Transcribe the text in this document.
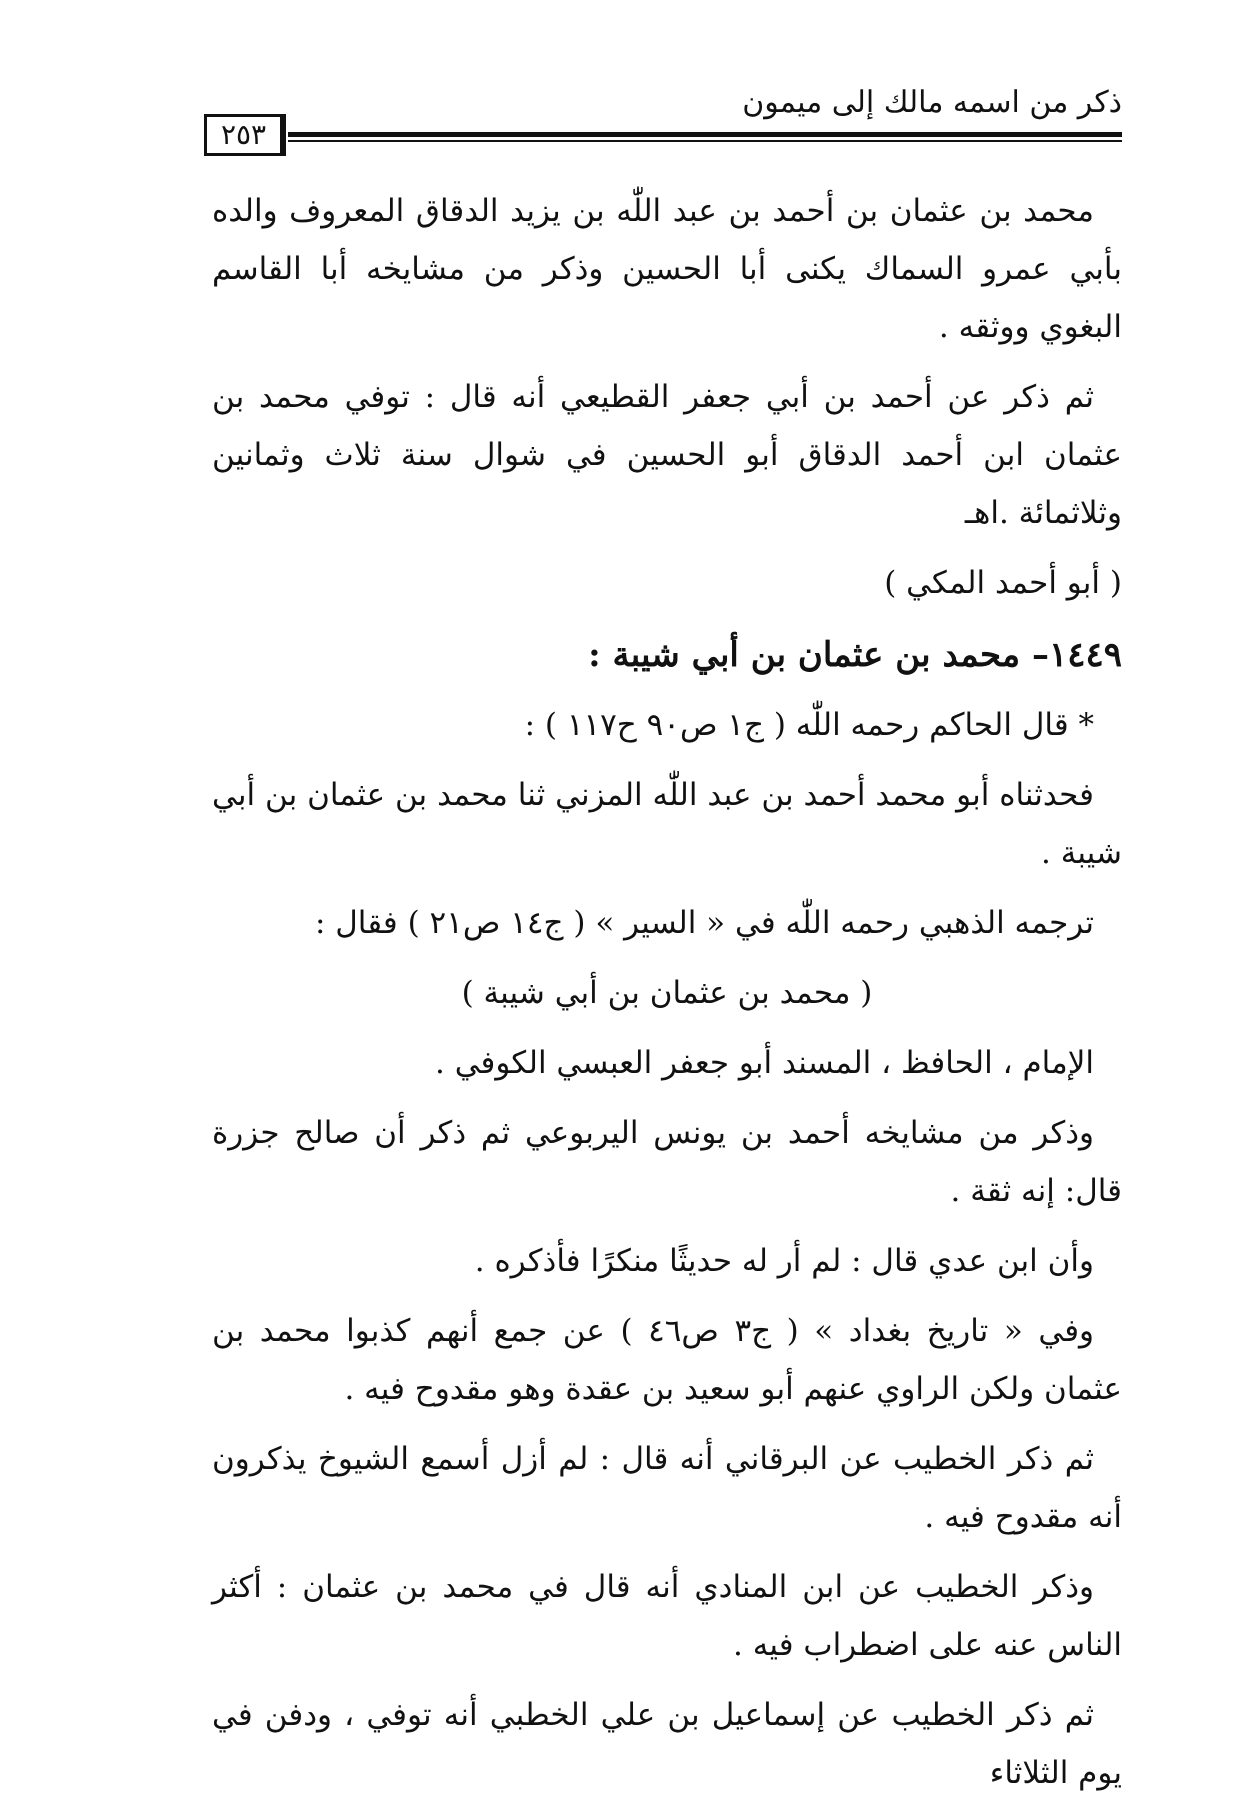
ذكر من اسمه مالك إلى ميمون
٢٥٣

محمد بن عثمان بن أحمد بن عبد اللّٰه بن يزيد الدقاق المعروف والده بأبي عمرو السماك يكنى أبا الحسين وذكر من مشايخه أبا القاسم البغوي ووثقه .

ثم ذكر عن أحمد بن أبي جعفر القطيعي أنه قال : توفي محمد بن عثمان ابن أحمد الدقاق أبو الحسين في شوال سنة ثلاث وثمانين وثلاثمائة .اهـ

( أبو أحمد المكي )

١٤٤٩– محمد بن عثمان بن أبي شيبة :

* قال الحاكم رحمه اللّٰه ( ج١ ص٩٠ ح١١٧ ) :

فحدثناه أبو محمد أحمد بن عبد اللّٰه المزني ثنا محمد بن عثمان بن أبي شيبة .

ترجمه الذهبي رحمه اللّٰه في « السير » ( ج١٤ ص٢١ ) فقال :

( محمد بن عثمان بن أبي شيبة )

الإمام ، الحافظ ، المسند أبو جعفر العبسي الكوفي .

وذكر من مشايخه أحمد بن يونس اليربوعي ثم ذكر أن صالح جزرة قال: إنه ثقة .

وأن ابن عدي قال : لم أر له حديثًا منكرًا فأذكره .

وفي « تاريخ بغداد » ( ج٣ ص٤٦ ) عن جمع أنهم كذبوا محمد بن عثمان ولكن الراوي عنهم أبو سعيد بن عقدة وهو مقدوح فيه .

ثم ذكر الخطيب عن البرقاني أنه قال : لم أزل أسمع الشيوخ يذكرون أنه مقدوح فيه .

وذكر الخطيب عن ابن المنادي أنه قال في محمد بن عثمان : أكثر الناس عنه على اضطراب فيه .

ثم ذكر الخطيب عن إسماعيل بن علي الخطبي أنه توفي ، ودفن في يوم الثلاثاء
